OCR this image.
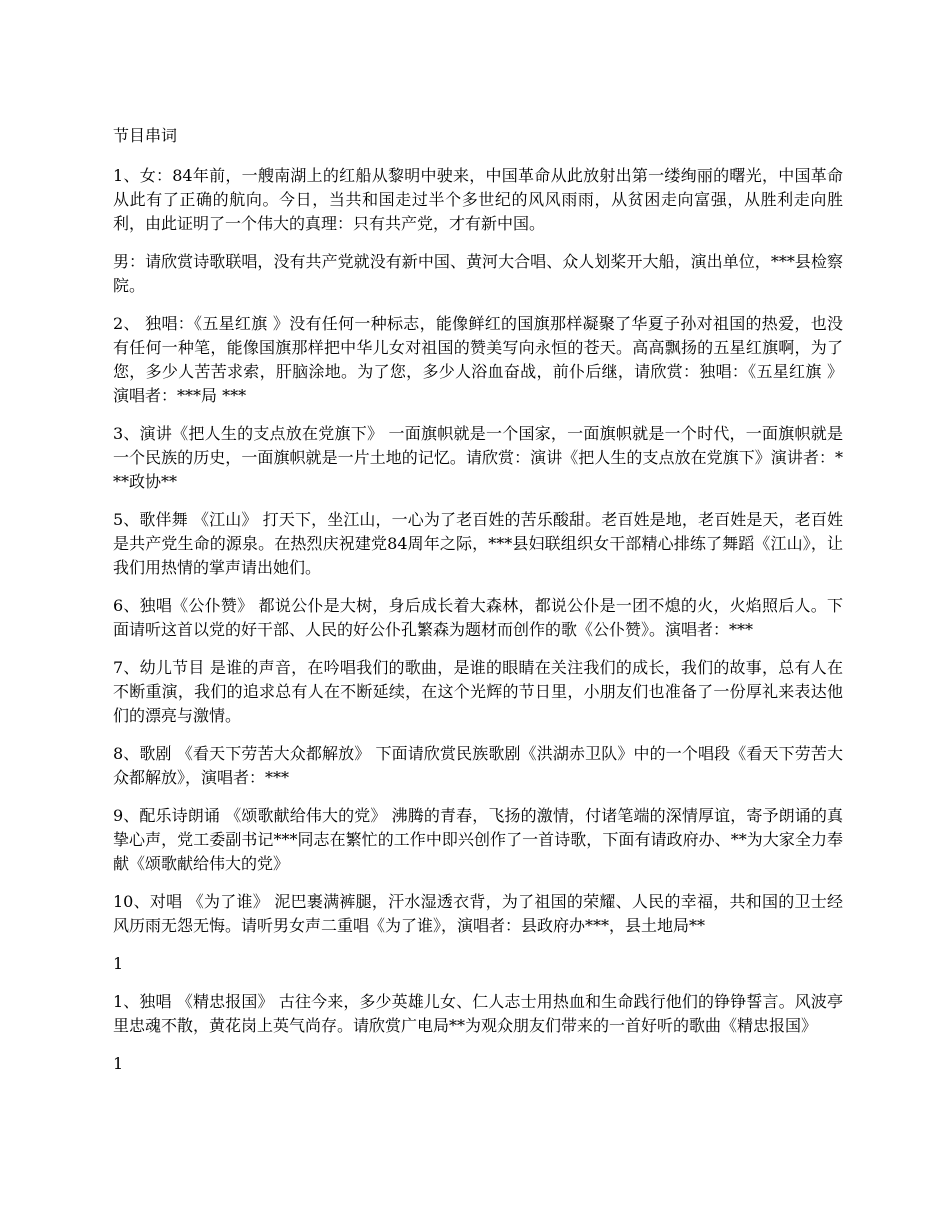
节目串词

1、女：84年前，一艘南湖上的红船从黎明中驶来，中国革命从此放射出第一缕绚丽的曙光，中国革命从此有了正确的航向。今日，当共和国走过半个多世纪的风风雨雨，从贫困走向富强，从胜利走向胜利，由此证明了一个伟大的真理：只有共产党，才有新中国。

男：请欣赏诗歌联唱，没有共产党就没有新中国、黄河大合唱、众人划桨开大船，演出单位，***县检察院。

2、 独唱：《五星红旗 》没有任何一种标志，能像鲜红的国旗那样凝聚了华夏子孙对祖国的热爱，也没有任何一种笔，能像国旗那样把中华儿女对祖国的赞美写向永恒的苍天。高高飘扬的五星红旗啊，为了您，多少人苦苦求索，肝脑涂地。为了您，多少人浴血奋战，前仆后继，请欣赏：独唱：《五星红旗 》 演唱者：***局 ***

3、演讲《把人生的支点放在党旗下》 一面旗帜就是一个国家，一面旗帜就是一个时代，一面旗帜就是一个民族的历史，一面旗帜就是一片土地的记忆。请欣赏：演讲《把人生的支点放在党旗下》演讲者：***政协**

5、歌伴舞 《江山》 打天下，坐江山，一心为了老百姓的苦乐酸甜。老百姓是地，老百姓是天，老百姓是共产党生命的源泉。在热烈庆祝建党84周年之际，***县妇联组织女干部精心排练了舞蹈《江山》，让我们用热情的掌声请出她们。

6、独唱《公仆赞》 都说公仆是大树，身后成长着大森林，都说公仆是一团不熄的火，火焰照后人。下面请听这首以党的好干部、人民的好公仆孔繁森为题材而创作的歌《公仆赞》。演唱者：***

7、幼儿节目 是谁的声音，在吟唱我们的歌曲，是谁的眼睛在关注我们的成长，我们的故事，总有人在不断重演，我们的追求总有人在不断延续，在这个光辉的节日里，小朋友们也准备了一份厚礼来表达他们的漂亮与激情。

8、歌剧 《看天下劳苦大众都解放》 下面请欣赏民族歌剧《洪湖赤卫队》中的一个唱段《看天下劳苦大众都解放》，演唱者：***

9、配乐诗朗诵 《颂歌献给伟大的党》 沸腾的青春，飞扬的激情，付诸笔端的深情厚谊，寄予朗诵的真挚心声，党工委副书记***同志在繁忙的工作中即兴创作了一首诗歌，下面有请政府办、**为大家全力奉献《颂歌献给伟大的党》

10、对唱 《为了谁》 泥巴裹满裤腿，汗水湿透衣背，为了祖国的荣耀、人民的幸福，共和国的卫士经风历雨无怨无悔。请听男女声二重唱《为了谁》，演唱者：县政府办***，县土地局**

1

1、独唱 《精忠报国》 古往今来，多少英雄儿女、仁人志士用热血和生命践行他们的铮铮誓言。风波亭里忠魂不散，黄花岗上英气尚存。请欣赏广电局**为观众朋友们带来的一首好听的歌曲《精忠报国》

1
